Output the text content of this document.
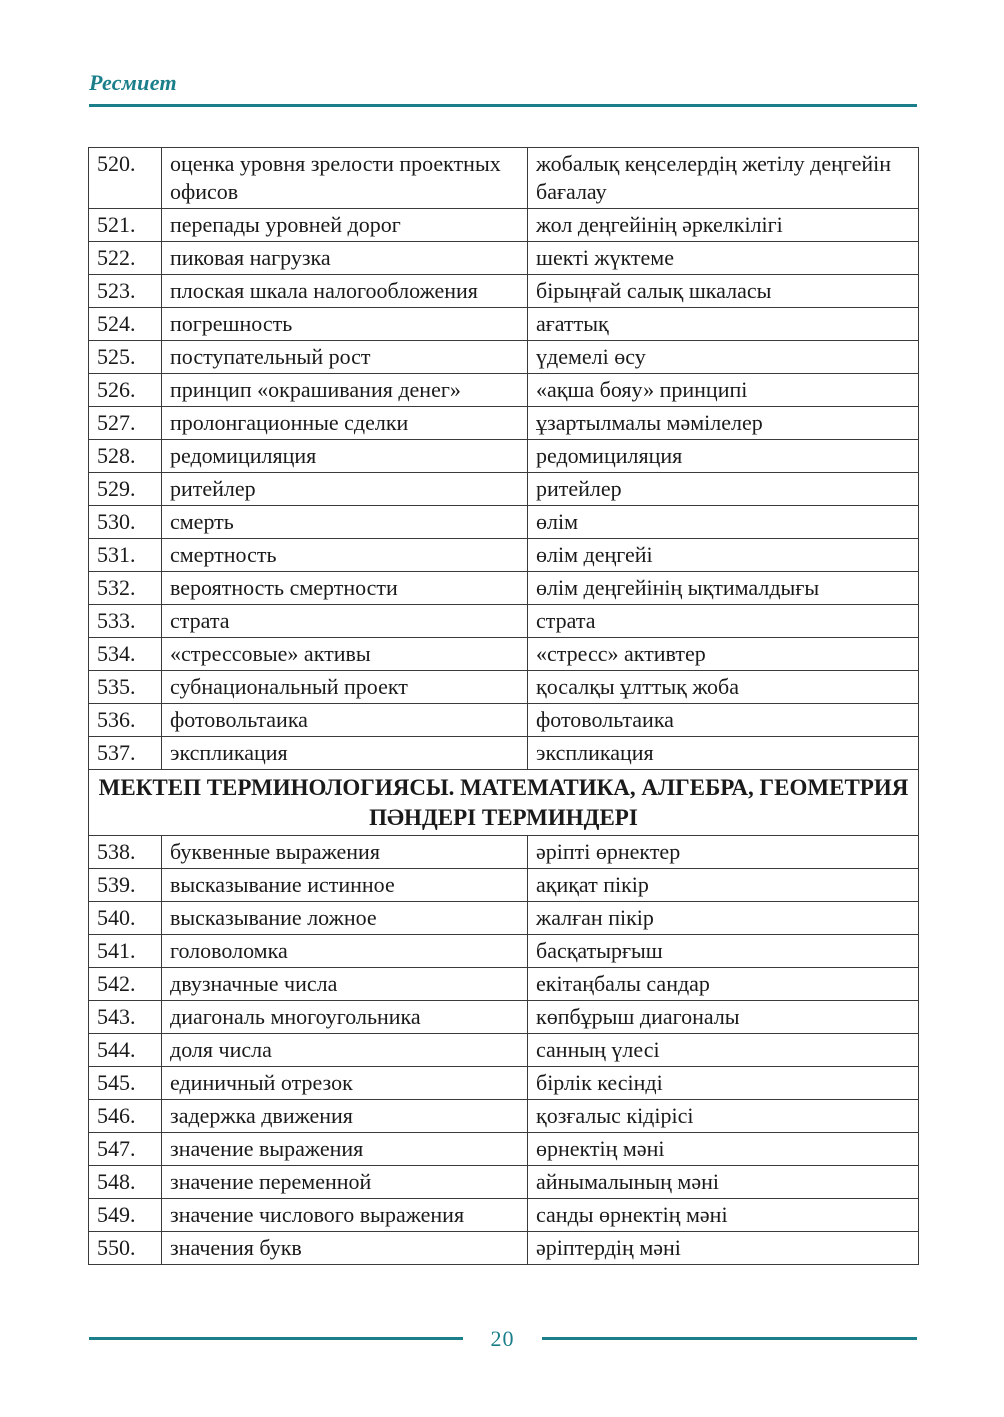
Ресмиет
520.	оценка уровня зрелости проектных офисов	жобалық кеңселердің жетілу деңгейін бағалау
521.	перепады уровней дорог	жол деңгейінің әркелкілігі
522.	пиковая нагрузка	шекті жүктеме
523.	плоская шкала налогообложения	бірыңғай салық шкаласы
524.	погрешность	ағаттық
525.	поступательный рост	үдемелі өсу
526.	принцип «окрашивания денег»	«ақша бояу» принципі
527.	пролонгационные сделки	ұзартылмалы мәмілелер
528.	редомициляция	редомициляция
529.	ритейлер	ритейлер
530.	смерть	өлім
531.	смертность	өлім деңгейі
532.	вероятность смертности	өлім деңгейінің ықтималдығы
533.	страта	страта
534.	«стрессовые» активы	«стресс» активтер
535.	субнациональный проект	қосалқы ұлттық жоба
536.	фотовольтаика	фотовольтаика
537.	экспликация	экспликация
МЕКТЕП ТЕРМИНОЛОГИЯСЫ. МАТЕМАТИКА, АЛГЕБРА, ГЕОМЕТРИЯ ПӘНДЕРІ ТЕРМИНДЕРІ		
538.	буквенные выражения	әріпті өрнектер
539.	высказывание истинное	ақиқат пікір
540.	высказывание ложное	жалған пікір
541.	головоломка	басқатырғыш
542.	двузначные числа	екітаңбалы сандар
543.	диагональ многоугольника	көпбұрыш диагоналы
544.	доля числа	санның үлесі
545.	единичный отрезок	бірлік кесінді
546.	задержка движения	қозғалыс кідірісі
547.	значение выражения	өрнектің мәні
548.	значение переменной	айнымалының мәні
549.	значение числового выражения	санды өрнектің мәні
550.	значения букв	әріптердің мәні
20
